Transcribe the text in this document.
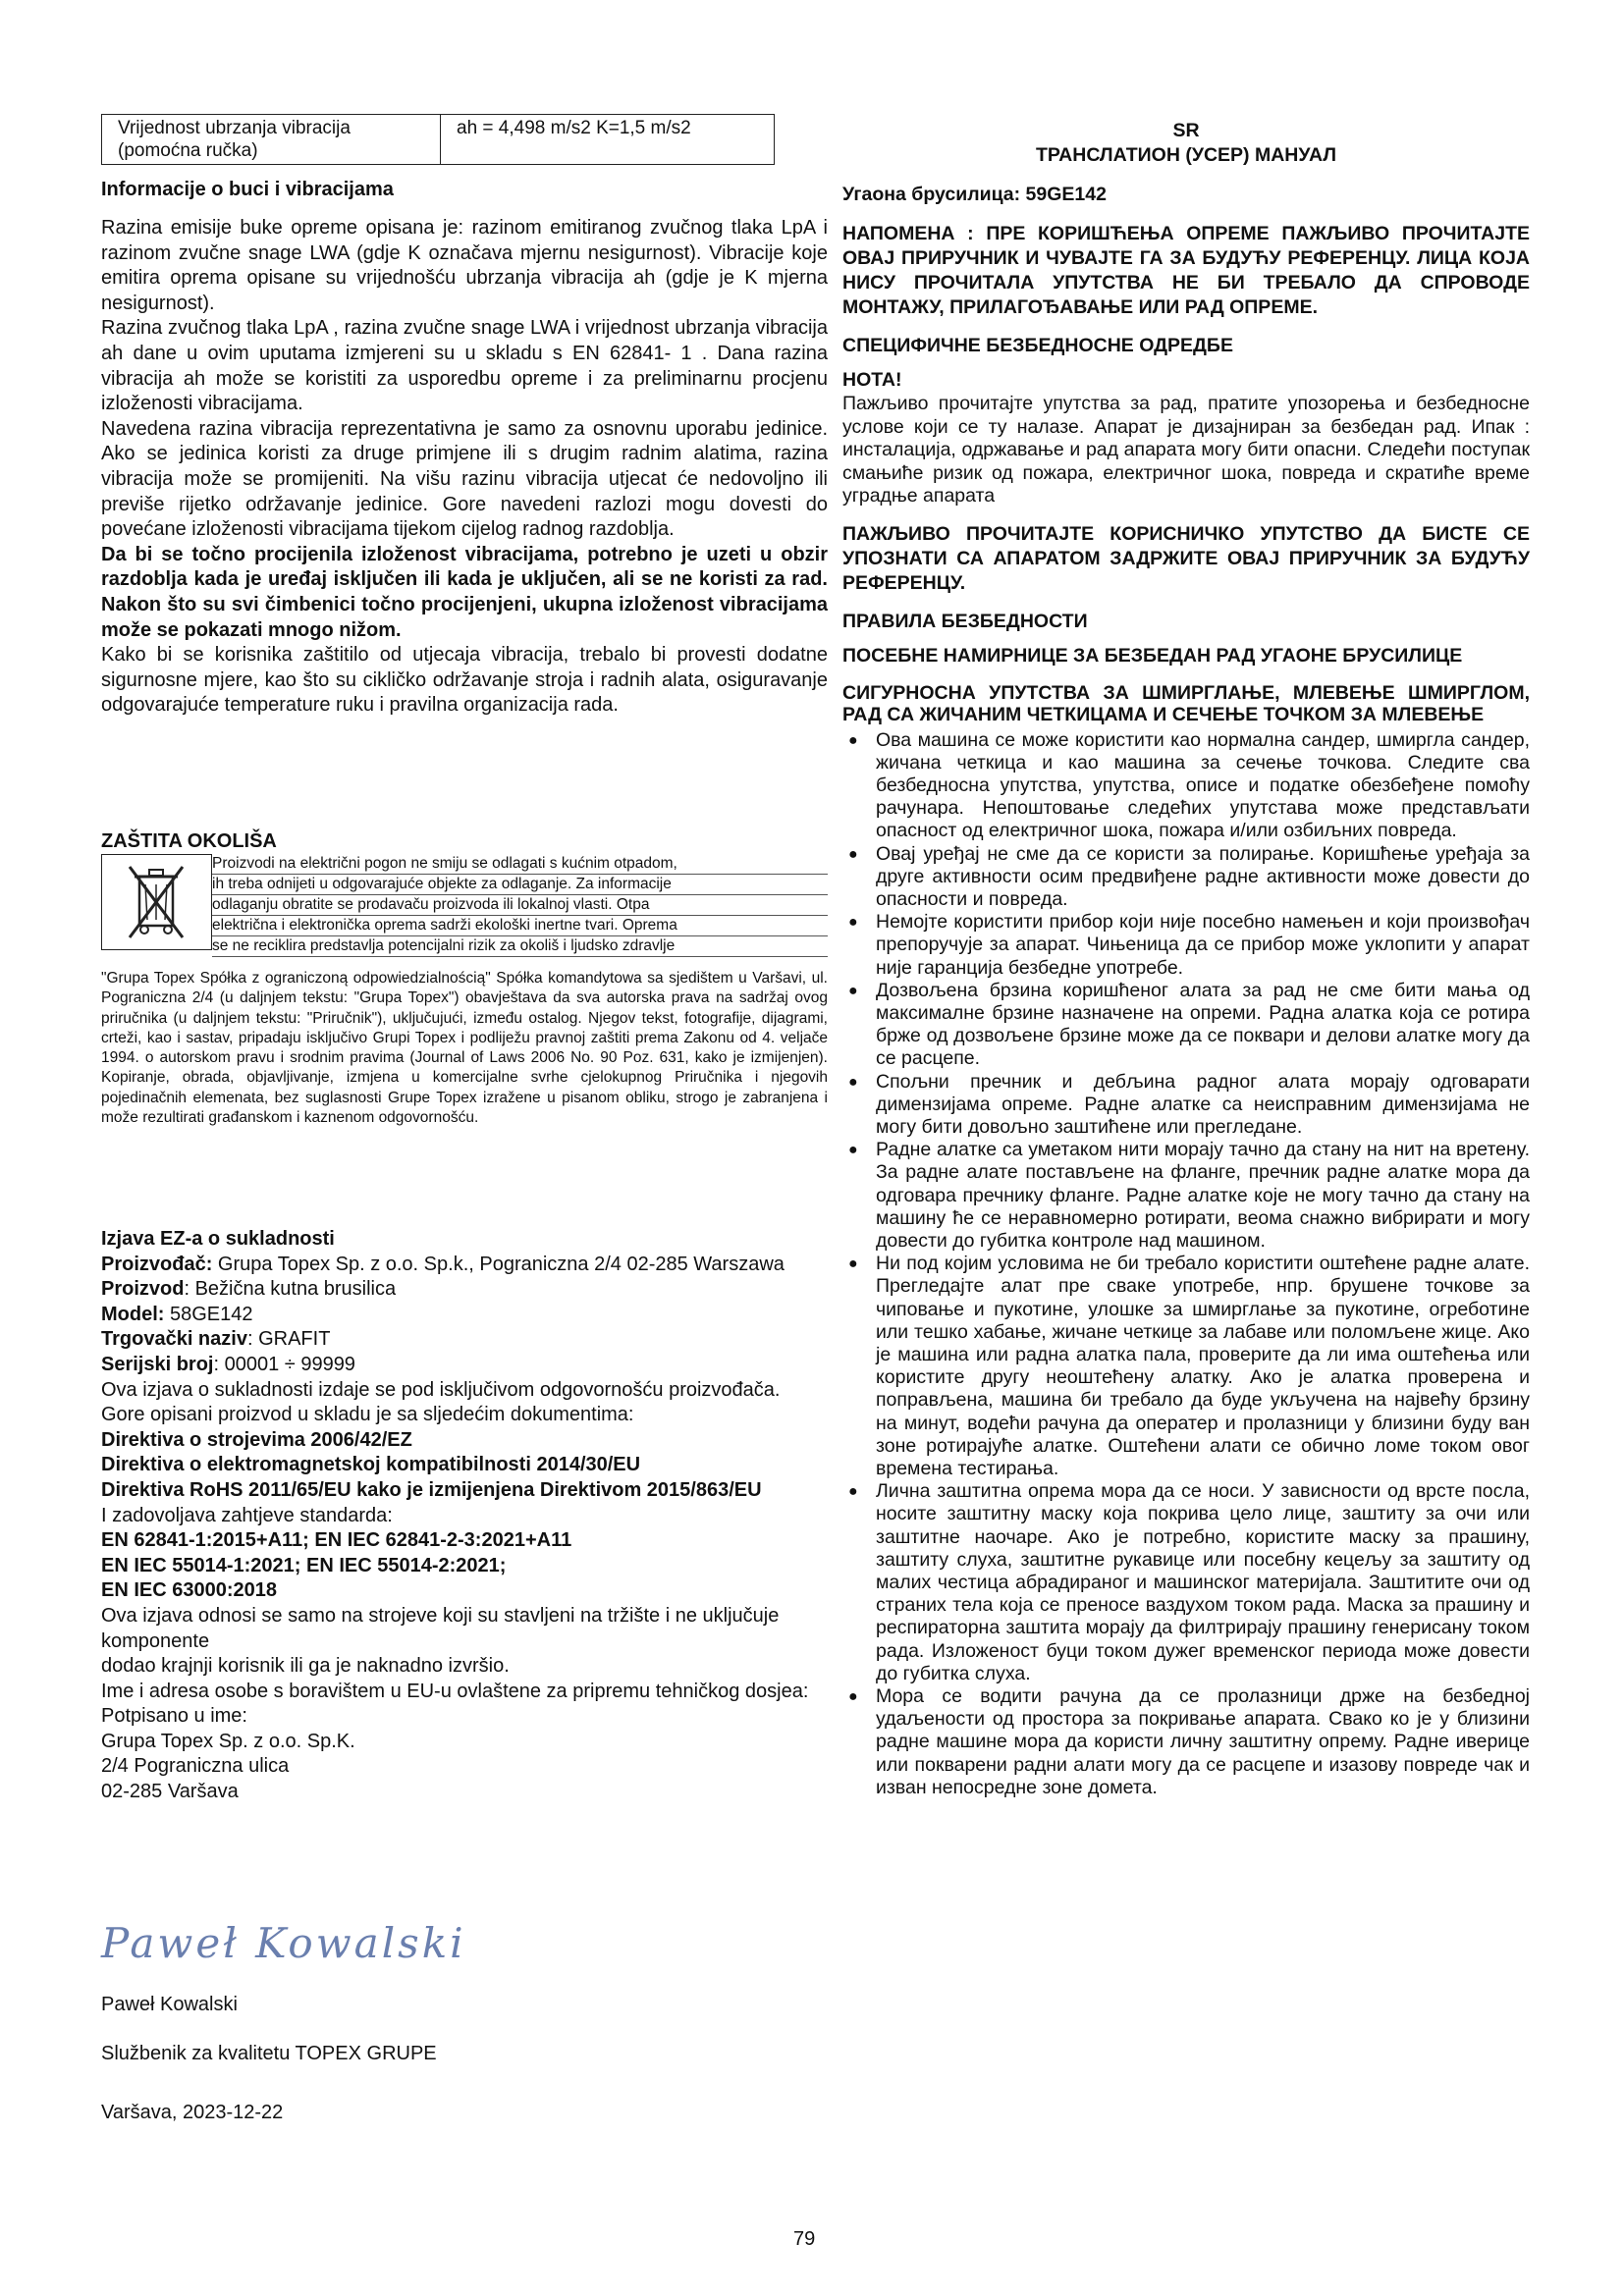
Vrijednost ubrzanja vibracija (pomoćna ručka)	ah = 4,498 m/s2 K=1,5 m/s2

Informacije o buci i vibracijama

Razina emisije buke opreme opisana je: razinom emitiranog zvučnog tlaka LpA i razinom zvučne snage LWA (gdje K označava mjernu nesigurnost). Vibracije koje emitira oprema opisane su vrijednošću ubrzanja vibracija ah (gdje je K mjerna nesigurnost).

Razina zvučnog tlaka LpA , razina zvučne snage LWA i vrijednost ubrzanja vibracija ah dane u ovim uputama izmjereni su u skladu s EN 62841- 1 . Dana razina vibracija ah može se koristiti za usporedbu opreme i za preliminarnu procjenu izloženosti vibracijama.

Navedena razina vibracija reprezentativna je samo za osnovnu uporabu jedinice. Ako se jedinica koristi za druge primjene ili s drugim radnim alatima, razina vibracija može se promijeniti. Na višu razinu vibracija utjecat će nedovoljno ili previše rijetko održavanje jedinice. Gore navedeni razlozi mogu dovesti do povećane izloženosti vibracijama tijekom cijelog radnog razdoblja.

Da bi se točno procijenila izloženost vibracijama, potrebno je uzeti u obzir razdoblja kada je uređaj isključen ili kada je uključen, ali se ne koristi za rad. Nakon što su svi čimbenici točno procijenjeni, ukupna izloženost vibracijama može se pokazati mnogo nižom.

Kako bi se korisnika zaštitilo od utjecaja vibracija, trebalo bi provesti dodatne sigurnosne mjere, kao što su cikličko održavanje stroja i radnih alata, osiguravanje odgovarajuće temperature ruku i pravilna organizacija rada.

ZAŠTITA OKOLIŠA

Proizvodi na električni pogon ne smiju se odlagati s kućnim otpadom,
ih treba odnijeti u odgovarajuće objekte za odlaganje. Za informacije
odlaganju obratite se prodavaču proizvoda ili lokalnoj vlasti. Otpa
električna i elektronička oprema sadrži ekološki inertne tvari. Oprema
se ne reciklira predstavlja potencijalni rizik za okoliš i ljudsko zdravlje

"Grupa Topex Spółka z ograniczoną odpowiedzialnością" Spółka komandytowa sa sjedištem u Varšavi, ul. Pograniczna 2/4 (u daljnjem tekstu: "Grupa Topex") obavještava da sva autorska prava na sadržaj ovog priručnika (u daljnjem tekstu: "Priručnik"), uključujući, između ostalog. Njegov tekst, fotografije, dijagrami, crteži, kao i sastav, pripadaju isključivo Grupi Topex i podliježu pravnoj zaštiti prema Zakonu od 4. veljače 1994. o autorskom pravu i srodnim pravima (Journal of Laws 2006 No. 90 Poz. 631, kako je izmijenjen). Kopiranje, obrada, objavljivanje, izmjena u komercijalne svrhe cjelokupnog Priručnika i njegovih pojedinačnih elemenata, bez suglasnosti Grupe Topex izražene u pisanom obliku, strogo je zabranjena i može rezultirati građanskom i kaznenom odgovornošću.

Izjava EZ-a o sukladnosti

Proizvođač: Grupa Topex Sp. z o.o. Sp.k., Pograniczna 2/4 02-285 Warszawa

Proizvod: Bežična kutna brusilica

Model: 58GE142

Trgovački naziv: GRAFIT

Serijski broj: 00001 ÷ 99999

Ova izjava o sukladnosti izdaje se pod isključivom odgovornošću proizvođača.

Gore opisani proizvod u skladu je sa sljedećim dokumentima:

Direktiva o strojevima 2006/42/EZ

Direktiva o elektromagnetskoj kompatibilnosti 2014/30/EU

Direktiva RoHS 2011/65/EU kako je izmijenjena Direktivom 2015/863/EU

I zadovoljava zahtjeve standarda:

EN 62841-1:2015+A11; EN IEC 62841-2-3:2021+A11

EN IEC 55014-1:2021; EN IEC 55014-2:2021;

EN IEC 63000:2018

Ova izjava odnosi se samo na strojeve koji su stavljeni na tržište i ne uključuje komponente

dodao krajnji korisnik ili ga je naknadno izvršio.

Ime i adresa osobe s boravištem u EU-u ovlaštene za pripremu tehničkog dosjea:

Potpisano u ime:

Grupa Topex Sp. z o.o. Sp.K.

2/4 Pograniczna ulica

02-285 Varšava

Paweł Kowalski

Paweł Kowalski

Službenik za kvalitetu TOPEX GRUPE

Varšava, 2023-12-22

SR

ТРАНСЛАТИОН (УСЕР) МАНУАЛ

Угаона брусилица: 59GE142

НАПОМЕНА : ПРЕ КОРИШЋЕЊА ОПРЕМЕ ПАЖЉИВО ПРОЧИТАЈТЕ ОВАЈ ПРИРУЧНИК И ЧУВАЈТЕ ГА ЗА БУДУЋУ РЕФЕРЕНЦУ. ЛИЦА КОЈА НИСУ ПРОЧИТАЛА УПУТСТВА НЕ БИ ТРЕБАЛО ДА СПРОВОДЕ МОНТАЖУ, ПРИЛАГОЂАВАЊЕ ИЛИ РАД ОПРЕМЕ.

СПЕЦИФИЧНЕ БЕЗБЕДНОСНЕ ОДРЕДБЕ

НОТА!

Пажљиво прочитајте упутства за рад, пратите упозорења и безбедносне услове који се ту налазе. Апарат је дизајниран за безбедан рад. Ипак : инсталација, одржавање и рад апарата могу бити опасни. Следећи поступак смањиће ризик од пожара, електричног шока, повреда и скратиће време уградње апарата

ПАЖЉИВО ПРОЧИТАЈТЕ КОРИСНИЧКО УПУТСТВО ДА БИСТЕ СЕ УПОЗНАТИ СА АПАРАТОМ ЗАДРЖИТЕ ОВАЈ ПРИРУЧНИК ЗА БУДУЋУ РЕФЕРЕНЦУ.

ПРАВИЛА БЕЗБЕДНОСТИ

ПОСЕБНЕ НАМИРНИЦЕ ЗА БЕЗБЕДАН РАД УГАОНЕ БРУСИЛИЦЕ

СИГУРНОСНА УПУТСТВА ЗА ШМИРГЛАЊЕ, МЛЕВЕЊЕ ШМИРГЛОМ, РАД СА ЖИЧАНИМ ЧЕТКИЦАМА И СЕЧЕЊЕ ТОЧКОМ ЗА МЛЕВЕЊЕ

● Ова машина се може користити као нормална сандер, шмиргла сандер, жичана четкица и као машина за сечење точкова. Следите сва безбедносна упутства, упутства, описе и податке обезбеђене помоћу рачунара. Непоштовање следећих упутстава може представљати опасност од електричног шока, пожара и/или озбиљних повреда.
● Овај уређај не сме да се користи за полирање. Коришћење уређаја за друге активности осим предвиђене радне активности може довести до опасности и повреда.
● Немојте користити прибор који није посебно намењен и који произвођач препоручује за апарат. Чињеница да се прибор може уклопити у апарат није гаранција безбедне употребе.
● Дозвољена брзина коришћеног алата за рад не сме бити мања од максималне брзине назначене на опреми. Радна алатка која се ротира брже од дозвољене брзине може да се поквари и делови алатке могу да се расцепе.
● Спољни пречник и дебљина радног алата морају одговарати димензијама опреме. Радне алатке са неисправним димензијама не могу бити довољно заштићене или прегледане.
● Радне алатке са уметаком нити морају тачно да стану на нит на вретену. За радне алате постављене на фланге, пречник радне алатке мора да одговара пречнику фланге. Радне алатке које не могу тачно да стану на машину ће се неравномерно ротирати, веома снажно вибрирати и могу довести до губитка контроле над машином.
● Ни под којим условима не би требало користити оштећене радне алате. Прегледајте алат пре сваке употребе, нпр. брушене точкове за чиповање и пукотине, улошке за шмирглање за пукотине, огреботине или тешко хабање, жичане четкице за лабаве или поломљене жице. Ако је машина или радна алатка пала, проверите да ли има оштећења или користите другу неоштећену алатку. Ако је алатка проверена и поправљена, машина би требало да буде укључена на највећу брзину на минут, водећи рачуна да оператер и пролазници у близини буду ван зоне ротирајуће алатке. Оштећени алати се обично ломе током овог времена тестирања.
● Лична заштитна опрема мора да се носи. У зависности од врсте посла, носите заштитну маску која покрива цело лице, заштиту за очи или заштитне наочаре. Ако је потребно, користите маску за прашину, заштиту слуха, заштитне рукавице или посебну кецељу за заштиту од малих честица абрадираног и машинског материјала. Заштитите очи од страних тела која се преносе ваздухом током рада. Маска за прашину и респираторна заштита морају да филтрирају прашину генерисану током рада. Изложеност буци током дужег временског периода може довести до губитка слуха.
● Мора се водити рачуна да се пролазници држе на безбедној удаљености од простора за покривање апарата. Свако ко је у близини радне машине мора да користи личну заштитну опрему. Радне иверице или покварени радни алати могу да се расцепе и изазову повреде чак и изван непосредне зоне домета.
79
